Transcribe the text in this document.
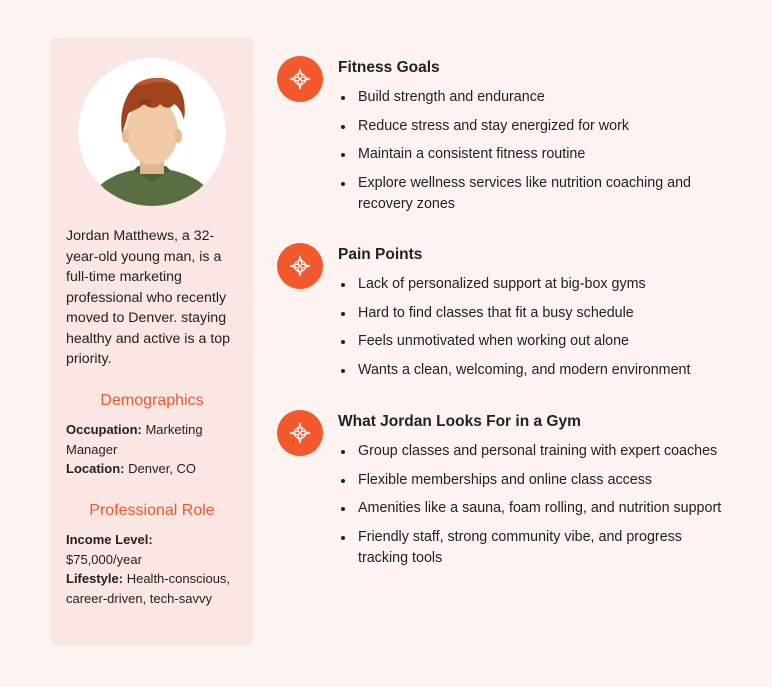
Jordan Matthews, a 32-year-old young man, is a full-time marketing professional who recently moved to Denver. staying healthy and active is a top priority.

Demographics

Occupation: Marketing Manager
Location: Denver, CO

Professional Role

Income Level:
$75,000/year
Lifestyle: Health-conscious, career-driven, tech-savvy

Fitness Goals
Build strength and endurance
Reduce stress and stay energized for work
Maintain a consistent fitness routine
Explore wellness services like nutrition coaching and recovery zones
Pain Points
Lack of personalized support at big-box gyms
Hard to find classes that fit a busy schedule
Feels unmotivated when working out alone
Wants a clean, welcoming, and modern environment
What Jordan Looks For in a Gym
Group classes and personal training with expert coaches
Flexible memberships and online class access
Amenities like a sauna, foam rolling, and nutrition support
Friendly staff, strong community vibe, and progress tracking tools
